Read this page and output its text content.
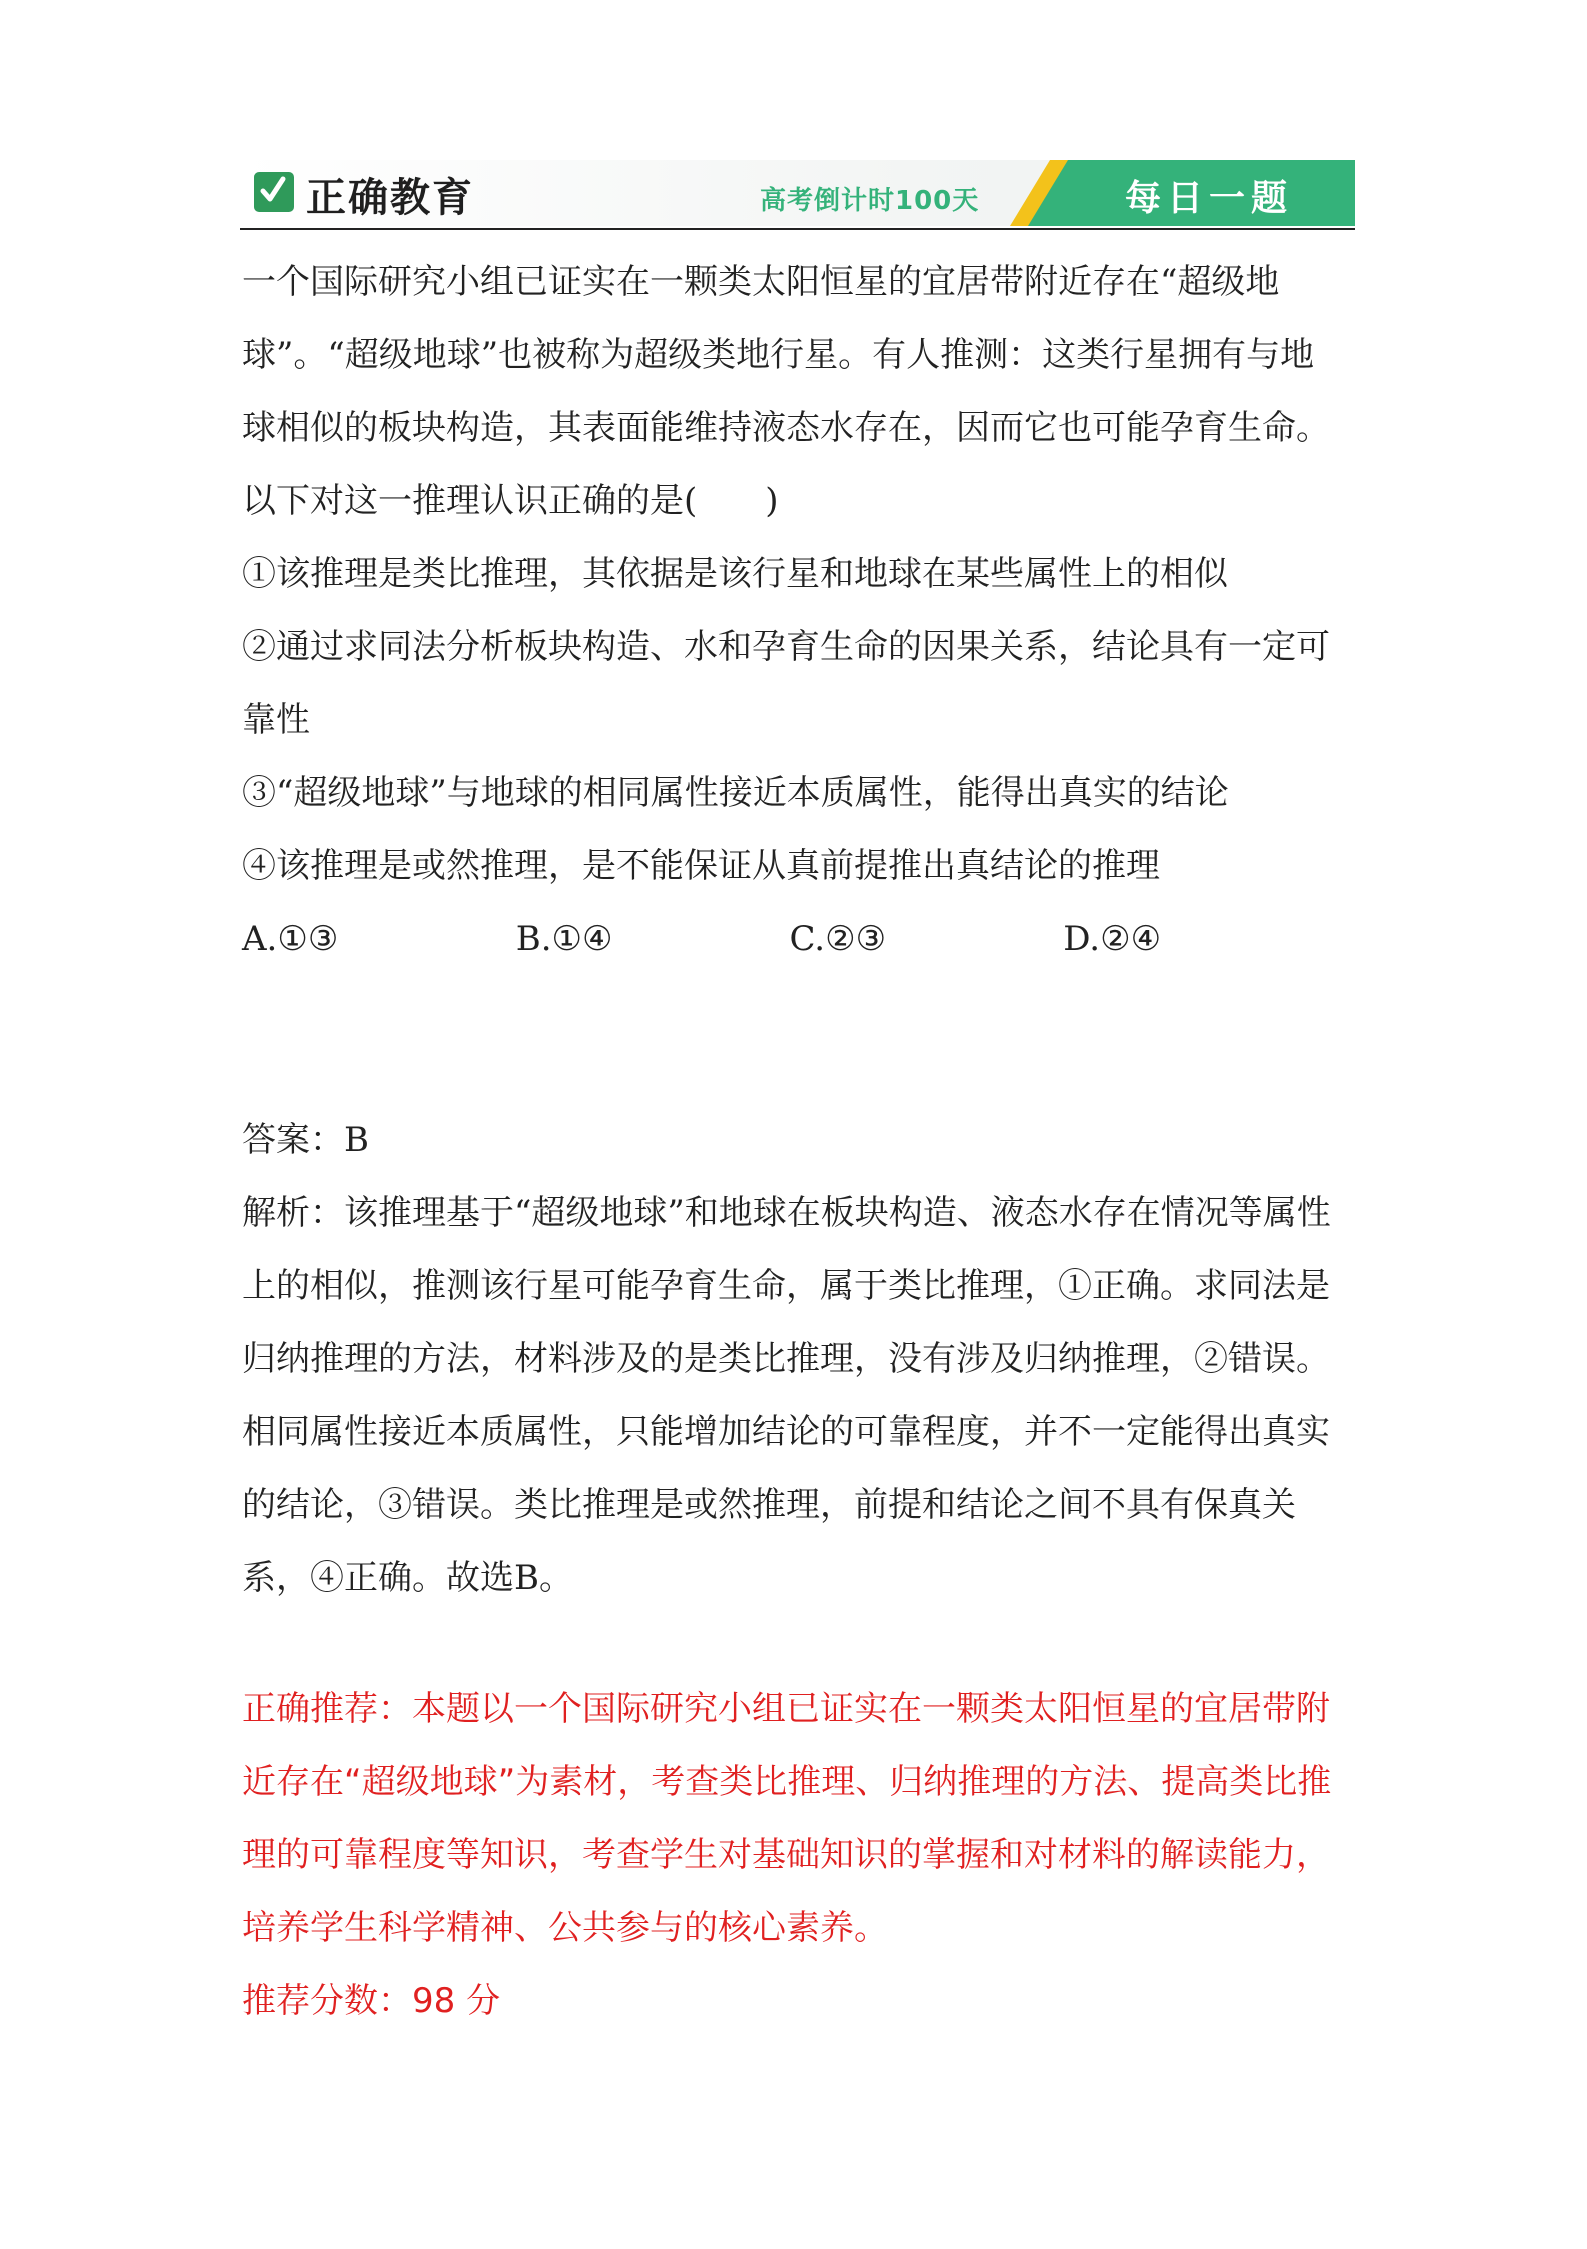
正确教育	高考倒计时100天	每日一题

一个国际研究小组已证实在一颗类太阳恒星的宜居带附近存在“超级地球”。“超级地球”也被称为超级类地行星。有人推测：这类行星拥有与地球相似的板块构造，其表面能维持液态水存在，因而它也可能孕育生命。以下对这一推理认识正确的是(　　)

①该推理是类比推理，其依据是该行星和地球在某些属性上的相似

②通过求同法分析板块构造、水和孕育生命的因果关系，结论具有一定可靠性

③“超级地球”与地球的相同属性接近本质属性，能得出真实的结论

④该推理是或然推理，是不能保证从真前提推出真结论的推理

A.①③	B.①④	C.②③	D.②④

答案：B

解析：该推理基于“超级地球”和地球在板块构造、液态水存在情况等属性上的相似，推测该行星可能孕育生命，属于类比推理，①正确。求同法是归纳推理的方法，材料涉及的是类比推理，没有涉及归纳推理，②错误。相同属性接近本质属性，只能增加结论的可靠程度，并不一定能得出真实的结论，③错误。类比推理是或然推理，前提和结论之间不具有保真关系，④正确。故选B。

正确推荐：本题以一个国际研究小组已证实在一颗类太阳恒星的宜居带附近存在“超级地球”为素材，考查类比推理、归纳推理的方法、提高类比推理的可靠程度等知识，考查学生对基础知识的掌握和对材料的解读能力，培养学生科学精神、公共参与的核心素养。

推荐分数：98 分
